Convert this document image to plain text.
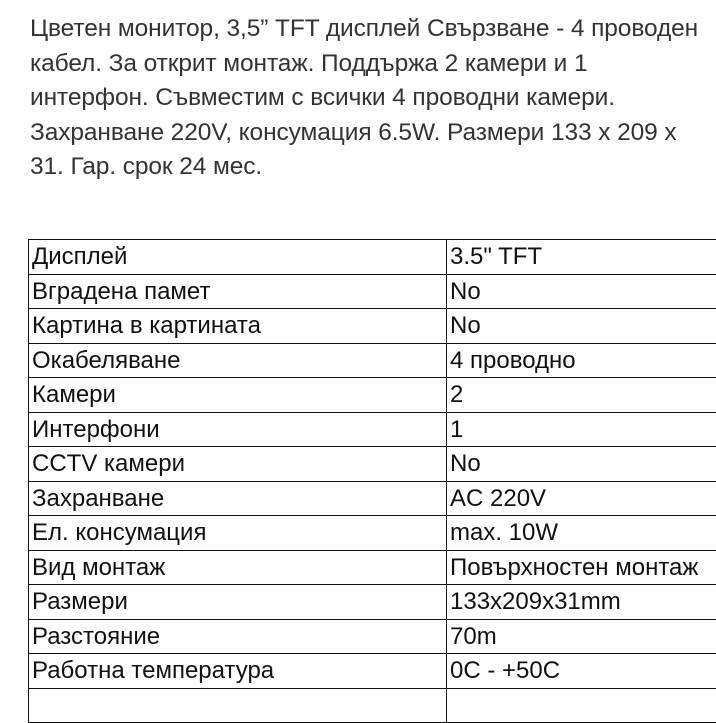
Цветен монитор, 3,5” TFT дисплей Свързване - 4 проводен кабел. За открит монтаж. Поддържа 2 камери и 1 интерфон. Съвместим с всички 4 проводни камери. Захранване 220V, консумация 6.5W. Размери 133 x 209 x 31. Гар. срок 24 мес.

Дисплей	3.5" TFT
Вградена памет	No
Картина в картината	No
Окабеляване	4 проводно
Камери	2
Интерфони	1
CCTV камери	No
Захранване	AC 220V
Ел. консумация	max. 10W
Вид монтаж	Повърхностен монтаж
Размери	133x209x31mm
Разстояние	70m
Работна температура	0C - +50C
